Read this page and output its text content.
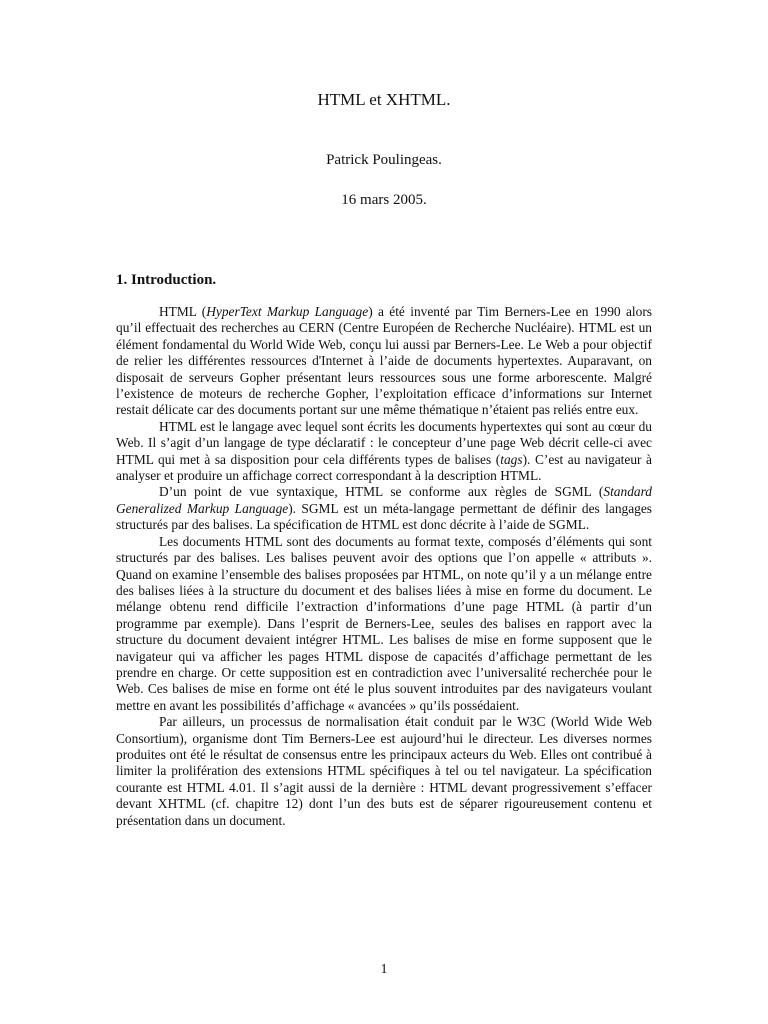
HTML et XHTML.
Patrick Poulingeas.
16 mars 2005.
1. Introduction.

HTML (HyperText Markup Language) a été inventé par Tim Berners-Lee en 1990 alors qu’il effectuait des recherches au CERN (Centre Européen de Recherche Nucléaire). HTML est un élément fondamental du World Wide Web, conçu lui aussi par Berners-Lee. Le Web a pour objectif de relier les différentes ressources d'Internet à l’aide de documents hypertextes. Auparavant, on disposait de serveurs Gopher présentant leurs ressources sous une forme arborescente. Malgré l’existence de moteurs de recherche Gopher, l’exploitation efficace d’informations sur Internet restait délicate car des documents portant sur une même thématique n’étaient pas reliés entre eux.

HTML est le langage avec lequel sont écrits les documents hypertextes qui sont au cœur du Web. Il s’agit d’un langage de type déclaratif : le concepteur d’une page Web décrit celle-ci avec HTML qui met à sa disposition pour cela différents types de balises (tags). C’est au navigateur à analyser et produire un affichage correct correspondant à la description HTML.

D’un point de vue syntaxique, HTML se conforme aux règles de SGML (Standard Generalized Markup Language). SGML est un méta-langage permettant de définir des langages structurés par des balises. La spécification de HTML est donc décrite à l’aide de SGML.

Les documents HTML sont des documents au format texte, composés d’éléments qui sont structurés par des balises. Les balises peuvent avoir des options que l’on appelle « attributs ». Quand on examine l’ensemble des balises proposées par HTML, on note qu’il y a un mélange entre des balises liées à la structure du document et des balises liées à mise en forme du document. Le mélange obtenu rend difficile l’extraction d’informations d’une page HTML (à partir d’un programme par exemple). Dans l’esprit de Berners-Lee, seules des balises en rapport avec la structure du document devaient intégrer HTML. Les balises de mise en forme supposent que le navigateur qui va afficher les pages HTML dispose de capacités d’affichage permettant de les prendre en charge. Or cette supposition est en contradiction avec l’universalité recherchée pour le Web. Ces balises de mise en forme ont été le plus souvent introduites par des navigateurs voulant mettre en avant les possibilités d’affichage « avancées » qu’ils possédaient.

Par ailleurs, un processus de normalisation était conduit par le W3C (World Wide Web Consortium), organisme dont Tim Berners-Lee est aujourd’hui le directeur. Les diverses normes produites ont été le résultat de consensus entre les principaux acteurs du Web. Elles ont contribué à limiter la prolifération des extensions HTML spécifiques à tel ou tel navigateur. La spécification courante est HTML 4.01. Il s’agit aussi de la dernière : HTML devant progressivement s’effacer devant XHTML (cf. chapitre 12) dont l’un des buts est de séparer rigoureusement contenu et présentation dans un document.

1
